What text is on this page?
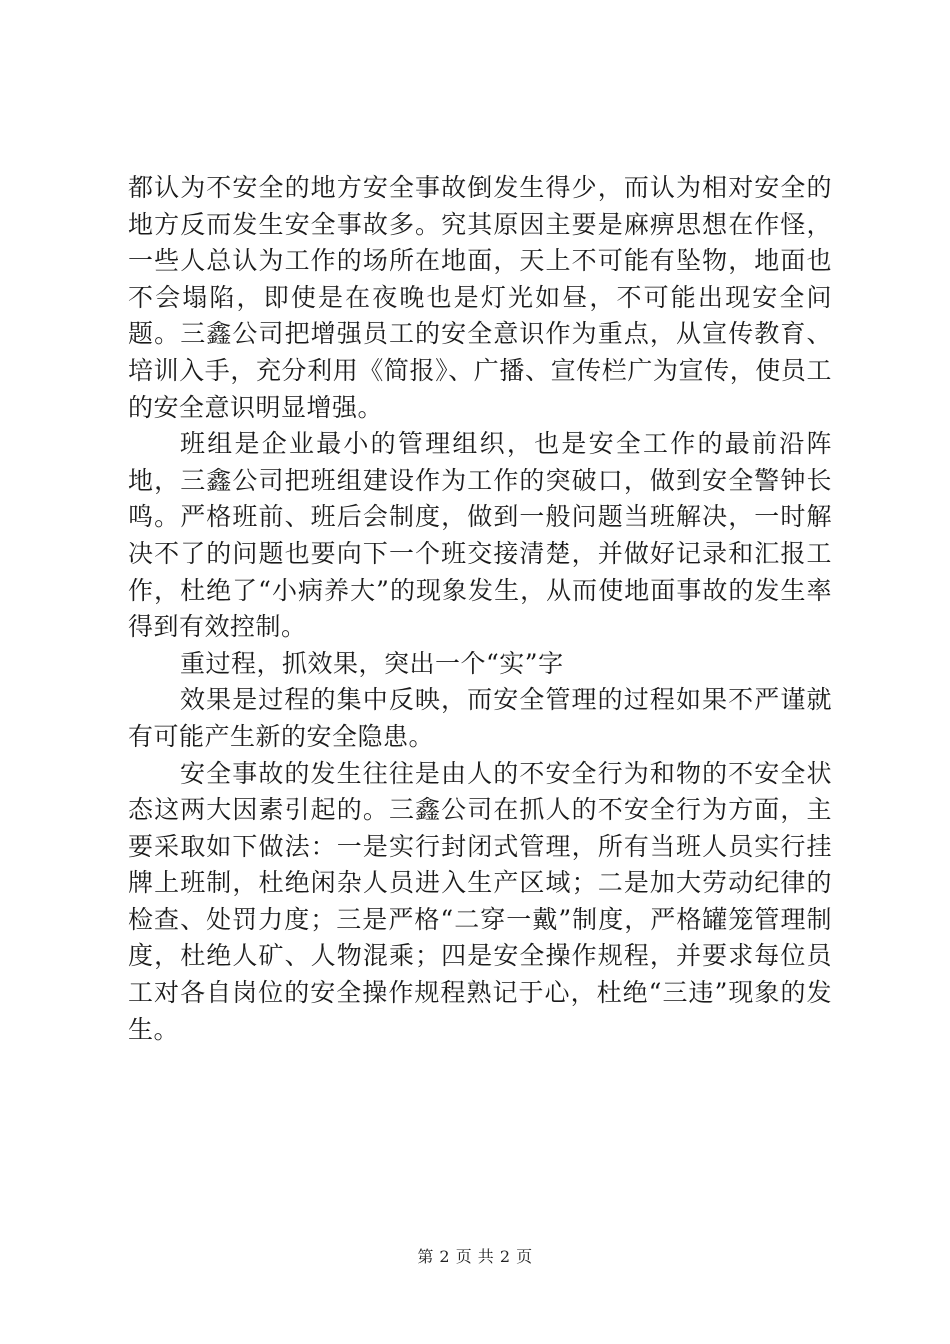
都认为不安全的地方安全事故倒发生得少，而认为相对安全的地方反而发生安全事故多。究其原因主要是麻痹思想在作怪，一些人总认为工作的场所在地面，天上不可能有坠物，地面也不会塌陷，即使是在夜晚也是灯光如昼，不可能出现安全问题。三鑫公司把增强员工的安全意识作为重点，从宣传教育、培训入手，充分利用《简报》、广播、宣传栏广为宣传，使员工的安全意识明显增强。

班组是企业最小的管理组织，也是安全工作的最前沿阵地，三鑫公司把班组建设作为工作的突破口，做到安全警钟长鸣。严格班前、班后会制度，做到一般问题当班解决，一时解决不了的问题也要向下一个班交接清楚，并做好记录和汇报工作，杜绝了“小病养大”的现象发生，从而使地面事故的发生率得到有效控制。

重过程，抓效果，突出一个“实”字

效果是过程的集中反映，而安全管理的过程如果不严谨就有可能产生新的安全隐患。

安全事故的发生往往是由人的不安全行为和物的不安全状态这两大因素引起的。三鑫公司在抓人的不安全行为方面，主要采取如下做法：一是实行封闭式管理，所有当班人员实行挂牌上班制，杜绝闲杂人员进入生产区域；二是加大劳动纪律的检查、处罚力度；三是严格“二穿一戴”制度，严格罐笼管理制度，杜绝人矿、人物混乘；四是安全操作规程，并要求每位员工对各自岗位的安全操作规程熟记于心，杜绝“三违”现象的发生。

第 2 页 共 2 页
